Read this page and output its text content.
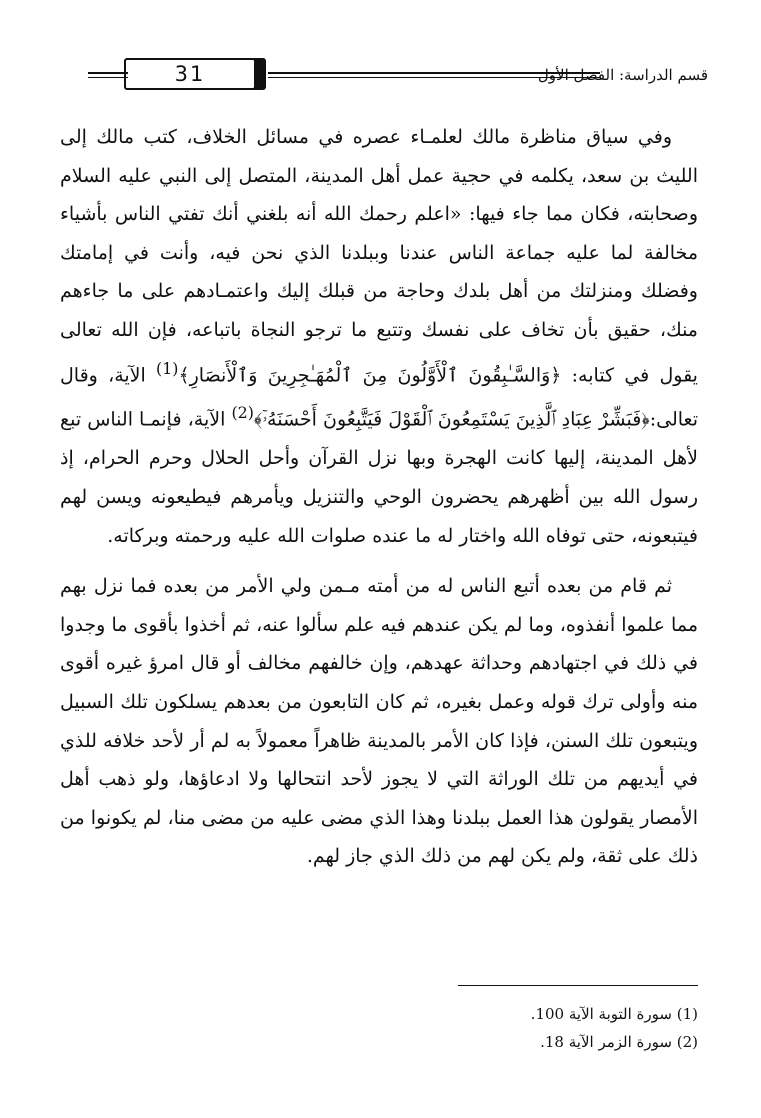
31	قسم الدراسة: الفصل الأول

وفي سياق مناظرة مالك لعلمـاء عصره في مسائل الخلاف، كتب مالك إلى الليث بن سعد، يكلمه في حجية عمل أهل المدينة، المتصل إلى النبي عليه السلام وصحابته، فكان مما جاء فيها: «اعلم رحمك الله أنه بلغني أنك تفتي الناس بأشياء مخالفة لما عليه جماعة الناس عندنا وببلدنا الذي نحن فيه، وأنت في إمامتك وفضلك ومنزلتك من أهل بلدك وحاجة من قبلك إليك واعتمـادهم على ما جاءهم منك، حقيق بأن تخاف على نفسك وتتبع ما ترجو النجاة باتباعه، فإن الله تعالى يقول في كتابه: ﴿وَالسَّـٰبِقُونَ ٱلْأَوَّلُونَ مِنَ ٱلْمُهَـٰجِرِينَ وَٱلْأَنصَارِ﴾$^{(1)}$ الآية، وقال تعالى:﴿فَبَشِّرْ عِبَادِ ٱلَّذِينَ يَسْتَمِعُونَ ٱلْقَوْلَ فَيَتَّبِعُونَ أَحْسَنَهُۥٓ﴾$^{(2)}$ الآية، فإنمـا الناس تبع لأهل المدينة، إليها كانت الهجرة وبها نزل القرآن وأحل الحلال وحرم الحرام، إذ رسول الله بين أظهرهم يحضرون الوحي والتنزيل ويأمرهم فيطيعونه ويسن لهم فيتبعونه، حتى توفاه الله واختار له ما عنده صلوات الله عليه ورحمته وبركاته.

ثم قام من بعده أتبع الناس له من أمته مـمن ولي الأمر من بعده فما نزل بهم مما علموا أنفذوه، وما لم يكن عندهم فيه علم سألوا عنه، ثم أخذوا بأقوى ما وجدوا في ذلك في اجتهادهم وحداثة عهدهم، وإن خالفهم مخالف أو قال امرؤ غيره أقوى منه وأولى ترك قوله وعمل بغيره، ثم كان التابعون من بعدهم يسلكون تلك السبيل ويتبعون تلك السنن، فإذا كان الأمر بالمدينة ظاهراً معمولاً به لم أر لأحد خلافه للذي في أيديهم من تلك الوراثة التي لا يجوز لأحد انتحالها ولا ادعاؤها، ولو ذهب أهل الأمصار يقولون هذا العمل ببلدنا وهذا الذي مضى عليه من مضى منا، لم يكونوا من ذلك على ثقة، ولم يكن لهم من ذلك الذي جاز لهم.

(1) سورة التوبة الآية 100.
(2) سورة الزمر الآية 18.
